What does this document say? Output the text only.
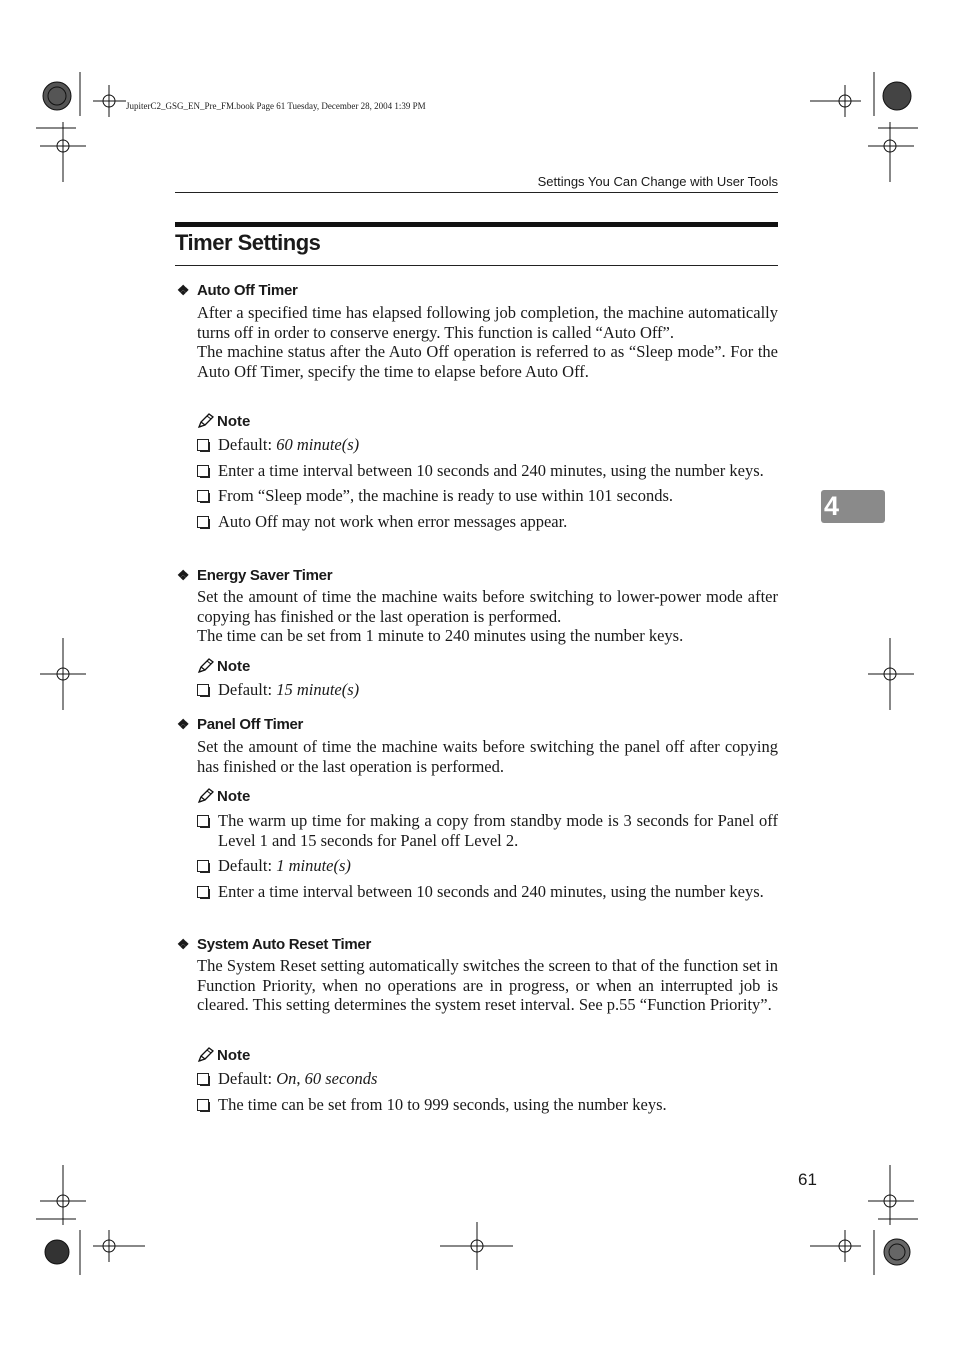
JupiterC2_GSG_EN_Pre_FM.book Page 61 Tuesday, December 28, 2004 1:39 PM
Settings You Can Change with User Tools
Timer Settings
4
❖ Auto Off Timer

After a specified time has elapsed following job completion, the machine automatically turns off in order to conserve energy. This function is called “Auto Off”.

The machine status after the Auto Off operation is referred to as “Sleep mode”. For the Auto Off Timer, specify the time to elapse before Auto Off.

Note
Default: 60 minute(s)
Enter a time interval between 10 seconds and 240 minutes, using the number keys.
From “Sleep mode”, the machine is ready to use within 101 seconds.
Auto Off may not work when error messages appear.
❖ Energy Saver Timer

Set the amount of time the machine waits before switching to lower-power mode after copying has finished or the last operation is performed.

The time can be set from 1 minute to 240 minutes using the number keys.

Note
Default: 15 minute(s)
❖ Panel Off Timer

Set the amount of time the machine waits before switching the panel off after copying has finished or the last operation is performed.

Note
The warm up time for making a copy from standby mode is 3 seconds for Panel off Level 1 and 15 seconds for Panel off Level 2.
Default: 1 minute(s)
Enter a time interval between 10 seconds and 240 minutes, using the number keys.
❖ System Auto Reset Timer

The System Reset setting automatically switches the screen to that of the function set in Function Priority, when no operations are in progress, or when an interrupted job is cleared. This setting determines the system reset interval. See p.55 “Function Priority”.

Note
Default: On, 60 seconds
The time can be set from 10 to 999 seconds, using the number keys.
61
